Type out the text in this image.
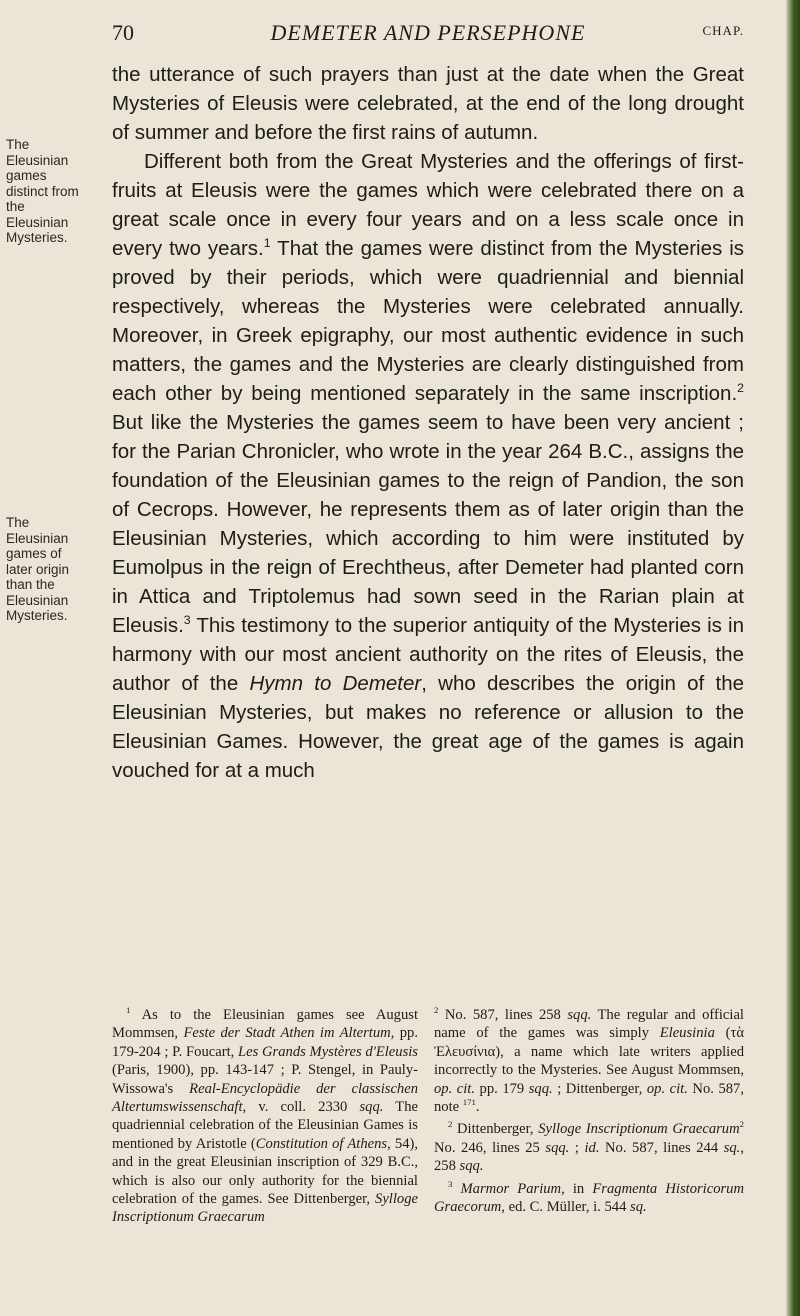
70	DEMETER AND PERSEPHONE	CHAP.
The Eleusinian games distinct from the Eleusinian Mysteries.
The Eleusinian games of later origin than the Eleusinian Mysteries.

the utterance of such prayers than just at the date when the Great Mysteries of Eleusis were celebrated, at the end of the long drought of summer and before the first rains of autumn.

Different both from the Great Mysteries and the offerings of first-fruits at Eleusis were the games which were celebrated there on a great scale once in every four years and on a less scale once in every two years.$^1$ That the games were distinct from the Mysteries is proved by their periods, which were quadriennial and biennial respectively, whereas the Mysteries were celebrated annually. Moreover, in Greek epigraphy, our most authentic evidence in such matters, the games and the Mysteries are clearly distinguished from each other by being mentioned separately in the same inscription.$^2$ But like the Mysteries the games seem to have been very ancient ; for the Parian Chronicler, who wrote in the year 264 B.C., assigns the foundation of the Eleusinian games to the reign of Pandion, the son of Cecrops. However, he represents them as of later origin than the Eleusinian Mysteries, which according to him were instituted by Eumolpus in the reign of Erechtheus, after Demeter had planted corn in Attica and Triptolemus had sown seed in the Rarian plain at Eleusis.$^3$ This testimony to the superior antiquity of the Mysteries is in harmony with our most ancient authority on the rites of Eleusis, the author of the Hymn to Demeter, who describes the origin of the Eleusinian Mysteries, but makes no reference or allusion to the Eleusinian Games. However, the great age of the games is again vouched for at a much

$^1$ As to the Eleusinian games see August Mommsen, Feste der Stadt Athen im Altertum, pp. 179-204 ; P. Foucart, Les Grands Mystères d'Eleusis (Paris, 1900), pp. 143-147 ; P. Stengel, in Pauly-Wissowa's Real-Encyclopädie der classischen Altertumswissenschaft, v. coll. 2330 sqq. The quadriennial celebration of the Eleusinian Games is mentioned by Aristotle (Constitution of Athens, 54), and in the great Eleusinian inscription of 329 B.C., which is also our only authority for the biennial celebration of the games. See Dittenberger, Sylloge Inscriptionum Graecarum

$^2$ No. 587, lines 258 sqq. The regular and official name of the games was simply Eleusinia (τὰ Ἐλευσίνια), a name which late writers applied incorrectly to the Mysteries. See August Mommsen, op. cit. pp. 179 sqq. ; Dittenberger, op. cit. No. 587, note $^{171}$.

$^2$ Dittenberger, Sylloge Inscriptionum Graecarum$^2$ No. 246, lines 25 sqq. ; id. No. 587, lines 244 sq., 258 sqq.

$^3$ Marmor Parium, in Fragmenta Historicorum Graecorum, ed. C. Müller, i. 544 sq.
